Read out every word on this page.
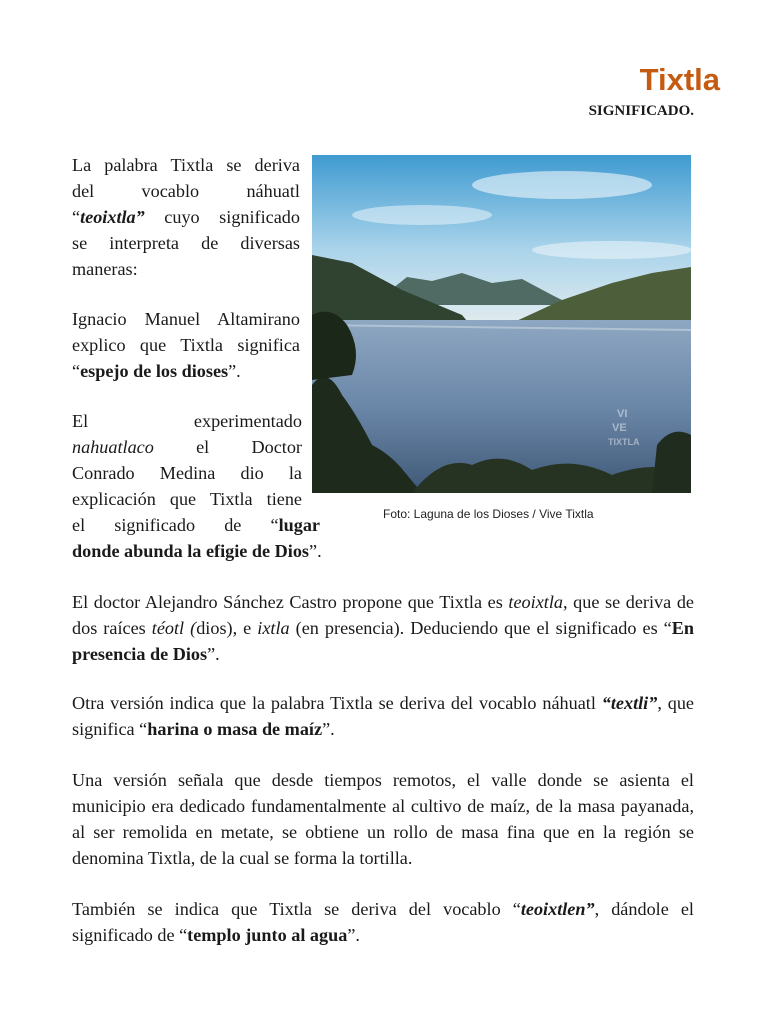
Tixtla
SIGNIFICADO.
La palabra Tixtla se deriva
del	vocablo	náhuatl
“teoixtla” cuyo significado
se interpreta de diversas
maneras:
Ignacio Manuel Altamirano
explico que Tixtla significa
“espejo de los dioses”.
El	experimentado
nahuatlaco el Doctor
Conrado Medina dio la
explicación que Tixtla tiene
el significado de “lugar
donde abunda la efigie de Dios”.
VI
VE
TIXTLA
Foto: Laguna de los Dioses / Vive Tixtla

El doctor Alejandro Sánchez Castro propone que Tixtla es teoixtla, que se deriva de dos raíces téotl (dios), e ixtla (en presencia). Deduciendo que el significado es “En presencia de Dios”.

Otra versión indica que la palabra Tixtla se deriva del vocablo náhuatl “textli”, que significa “harina o masa de maíz”.

Una versión señala que desde tiempos remotos, el valle donde se asienta el municipio era dedicado fundamentalmente al cultivo de maíz, de la masa payanada, al ser remolida en metate, se obtiene un rollo de masa fina que en la región se denomina Tixtla, de la cual se forma la tortilla.

También se indica que Tixtla se deriva del vocablo “teoixtlen”, dándole el significado de “templo junto al agua”.
